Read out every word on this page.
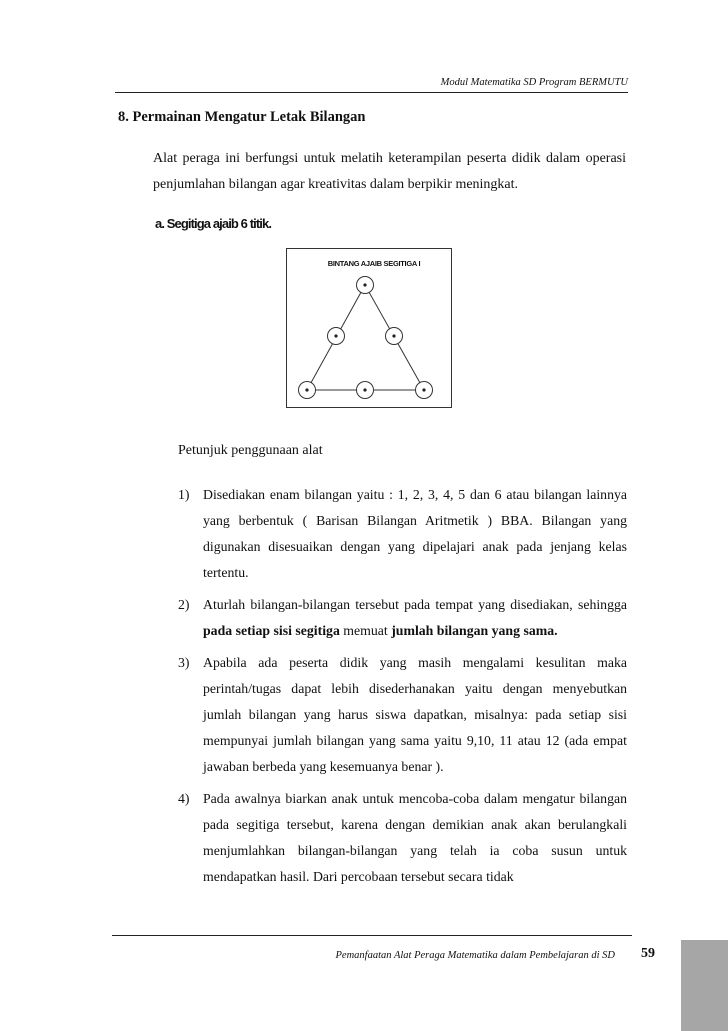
Modul Matematika SD Program BERMUTU
8. Permainan Mengatur Letak Bilangan
Alat peraga ini berfungsi untuk melatih keterampilan peserta didik dalam operasi penjumlahan bilangan agar kreativitas dalam berpikir meningkat.
a. Segitiga ajaib 6 titik.
BINTANG AJAIB SEGITIGA I
Petunjuk penggunaan alat
1) Disediakan enam bilangan yaitu : 1, 2, 3, 4, 5 dan 6 atau bilangan lainnya yang berbentuk ( Barisan Bilangan Aritmetik ) BBA. Bilangan yang digunakan disesuaikan dengan yang dipelajari anak pada jenjang kelas tertentu.
2) Aturlah bilangan-bilangan tersebut pada tempat yang disediakan, sehingga pada setiap sisi segitiga memuat jumlah bilangan yang sama.
3) Apabila ada peserta didik yang masih mengalami kesulitan maka perintah/tugas dapat lebih disederhanakan yaitu dengan menyebutkan jumlah bilangan yang harus siswa dapatkan, misalnya: pada setiap sisi mempunyai jumlah bilangan yang sama yaitu 9,10, 11 atau 12 (ada empat jawaban berbeda yang kesemuanya benar ).
4) Pada awalnya biarkan anak untuk mencoba-coba dalam mengatur bilangan pada segitiga tersebut, karena dengan demikian anak akan berulangkali menjumlahkan bilangan-bilangan yang telah ia coba susun untuk mendapatkan hasil. Dari percobaan tersebut secara tidak
Pemanfaatan Alat Peraga Matematika dalam Pembelajaran di SD 59
